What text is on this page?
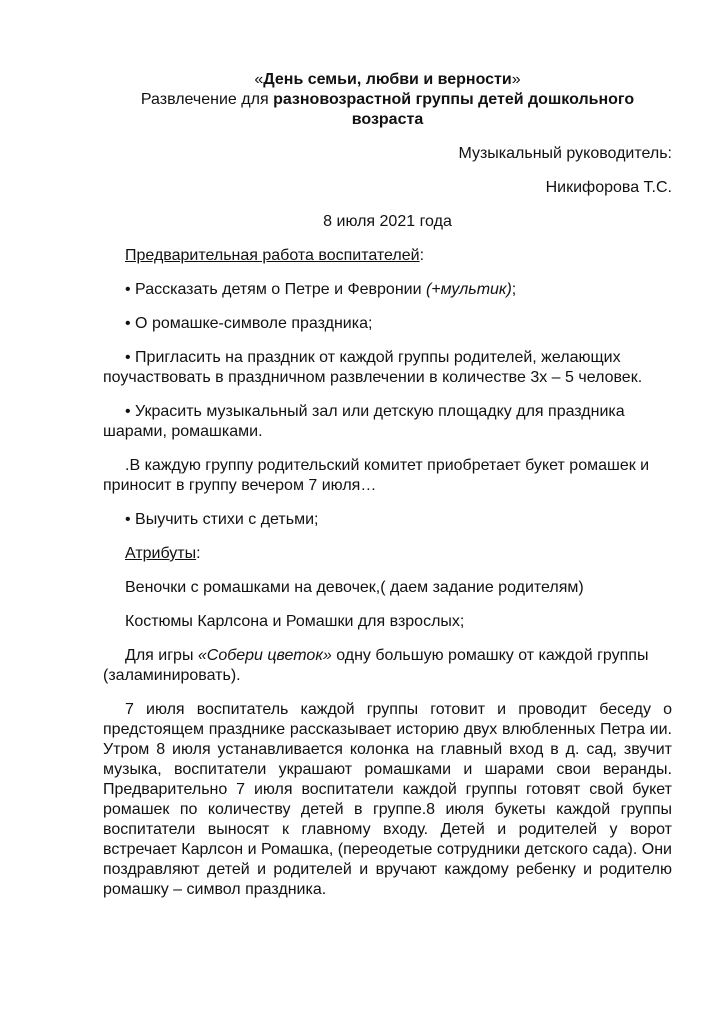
«День семьи, любви и верности»

Развлечение для разновозрастной группы детей дошкольного возраста

Музыкальный руководитель:

Никифорова Т.С.

8 июля 2021 года

Предварительная работа воспитателей:

• Рассказать детям о Петре и Февронии (+мультик);

• О ромашке-символе праздника;

• Пригласить на праздник от каждой группы родителей, желающих поучаствовать в праздничном развлечении в количестве 3х – 5 человек.

• Украсить музыкальный зал или детскую площадку для праздника шарами, ромашками.

.В каждую группу родительский комитет приобретает букет ромашек и приносит в группу вечером 7 июля…

• Выучить стихи с детьми;

Атрибуты:

Веночки с ромашками на девочек,( даем задание родителям)

Костюмы Карлсона и Ромашки для взрослых;

Для игры «Собери цветок» одну большую ромашку от каждой группы (заламинировать).

7 июля воспитатель каждой группы готовит и проводит беседу о предстоящем празднике рассказывает историю двух влюбленных Петра ии. Утром 8 июля устанавливается колонка на главный вход в д. сад, звучит музыка, воспитатели украшают ромашками и шарами свои веранды. Предварительно 7 июля воспитатели каждой группы готовят свой букет ромашек по количеству детей в группе.8 июля букеты каждой группы воспитатели выносят к главному входу. Детей и родителей у ворот встречает Карлсон и Ромашка, (переодетые сотрудники детского сада). Они поздравляют детей и родителей и вручают каждому ребенку и родителю ромашку – символ праздника.
